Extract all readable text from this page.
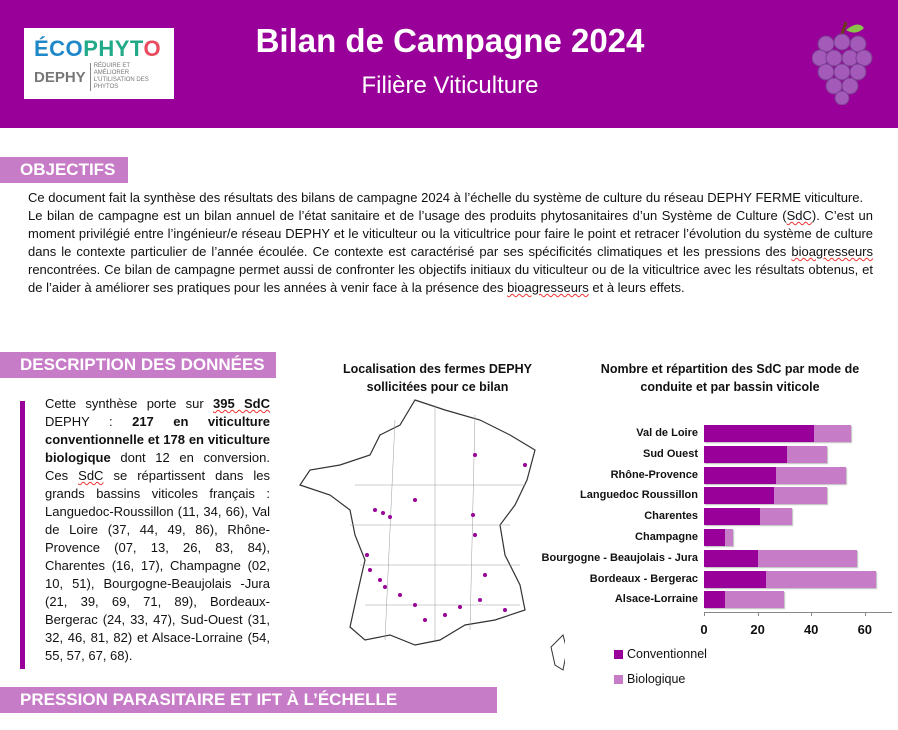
ÉCOPHYTO
DEPHY
RÉDUIRE ET AMÉLIORER
L'UTILISATION DES PHYTOS
Bilan de Campagne 2024
Filière Viticulture
OBJECTIFS

Ce document fait la synthèse des résultats des bilans de campagne 2024 à l’échelle du système de culture du réseau DEPHY FERME viticulture.

Le bilan de campagne est un bilan annuel de l’état sanitaire et de l’usage des produits phytosanitaires d’un Système de Culture (SdC). C’est un moment privilégié entre l’ingénieur/e réseau DEPHY et le viticulteur ou la viticultrice pour faire le point et retracer l’évolution du système de culture dans le contexte particulier de l’année écoulée. Ce contexte est caractérisé par ses spécificités climatiques et les pressions des bioagresseurs rencontrées. Ce bilan de campagne permet aussi de confronter les objectifs initiaux du viticulteur ou de la viticultrice avec les résultats obtenus, et de l’aider à améliorer ses pratiques pour les années à venir face à la présence des bioagresseurs et à leurs effets.

DESCRIPTION DES DONNÉES
Cette synthèse porte sur 395 SdC DEPHY : 217 en viticulture conventionnelle et 178 en viticulture biologique dont 12 en conversion. Ces SdC se répartissent dans les grands bassins viticoles français : Languedoc-Roussillon (11, 34, 66), Val de Loire (37, 44, 49, 86), Rhône-Provence (07, 13, 26, 83, 84), Charentes (16, 17), Champagne (02, 10, 51), Bourgogne-Beaujolais -Jura (21, 39, 69, 71, 89), Bordeaux-Bergerac (24, 33, 47), Sud-Ouest (31, 32, 46, 81, 82) et Alsace-Lorraine (54, 55, 57, 67, 68).
Localisation des fermes DEPHY sollicitées pour ce bilan
Nombre et répartition des SdC par mode de conduite et par bassin viticole
Val de Loire
Sud Ouest
Rhône-Provence
Languedoc Roussillon
Charentes
Champagne
Bourgogne - Beaujolais - Jura
Bordeaux - Bergerac
Alsace-Lorraine
0	20	40	60
Conventionnel
Biologique
PRESSION PARASITAIRE ET IFT À L’ÉCHELLE NATIONALE
